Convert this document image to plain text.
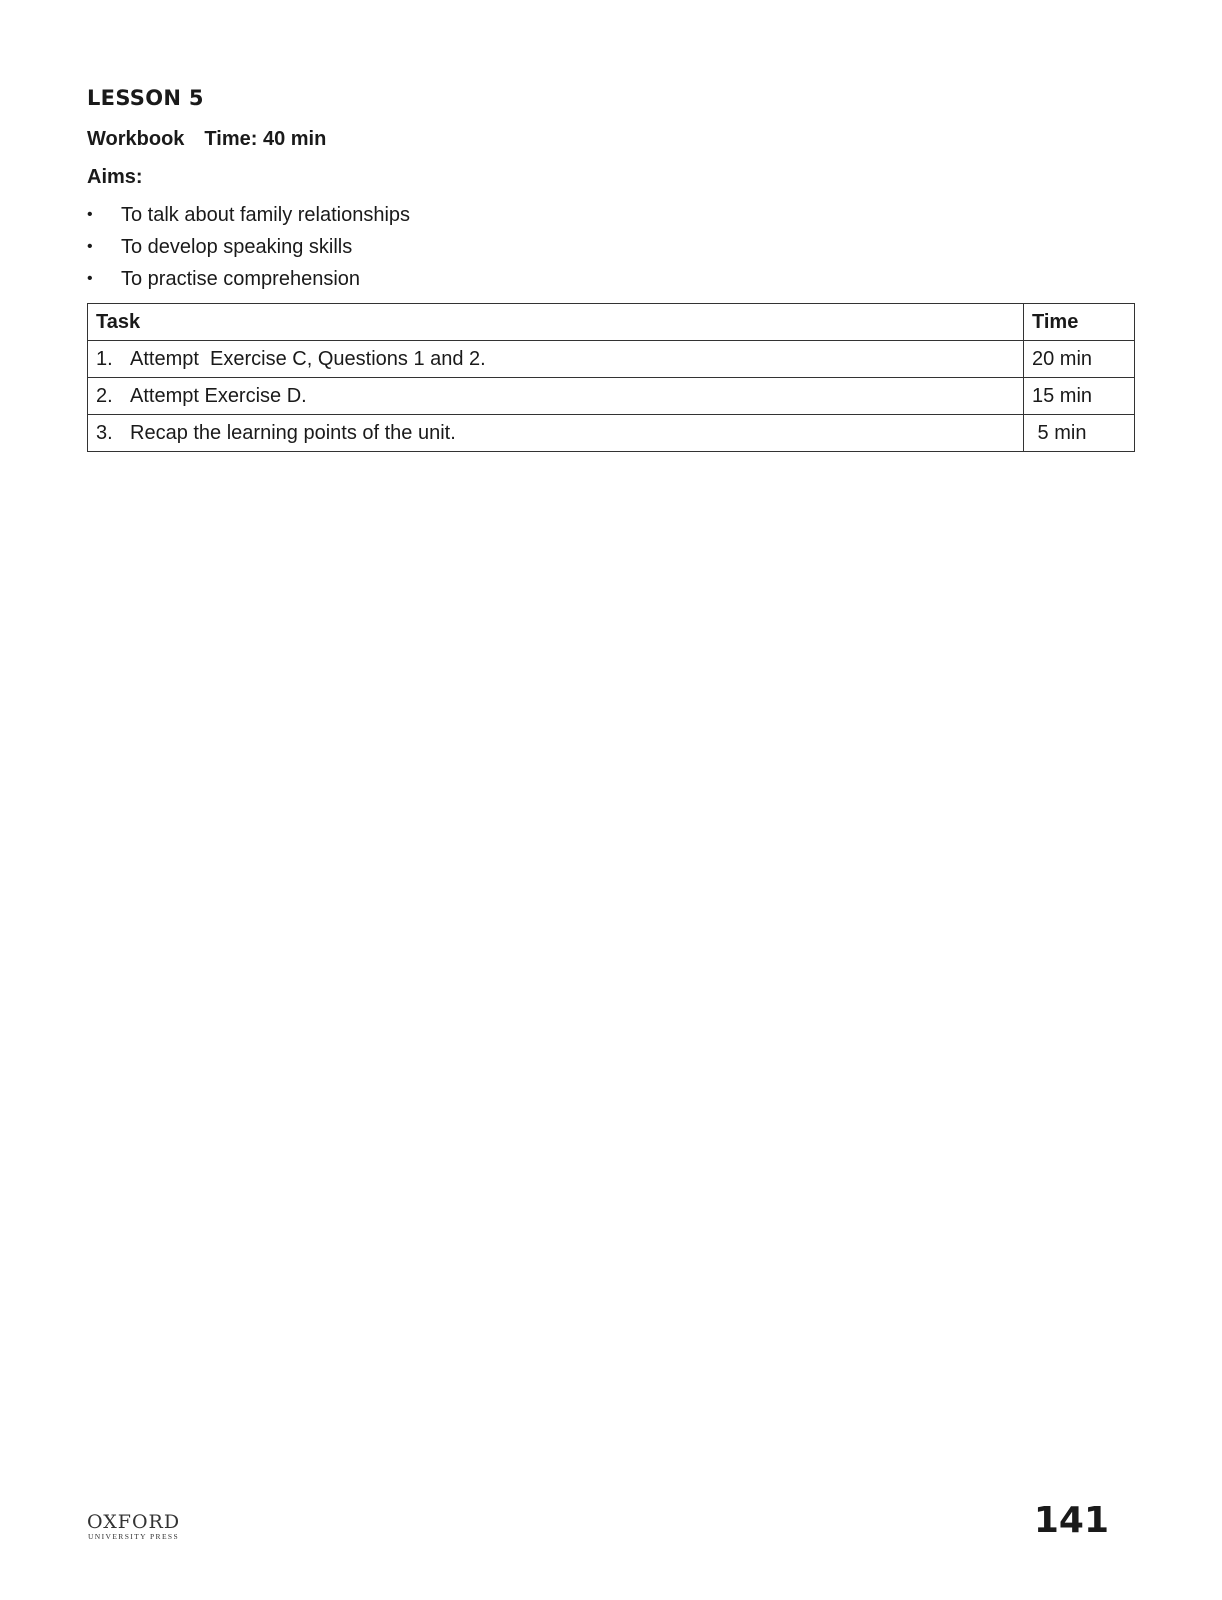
LESSON 5
Workbook Time: 40 min
Aims:
• To talk about family relationships
• To develop speaking skills
• To practise comprehension
Task	Time
1. Attempt  Exercise C, Questions 1 and 2.	20 min
2. Attempt Exercise D.	15 min
3. Recap the learning points of the unit.	5 min
OXFORD
UNIVERSITY PRESS	141
